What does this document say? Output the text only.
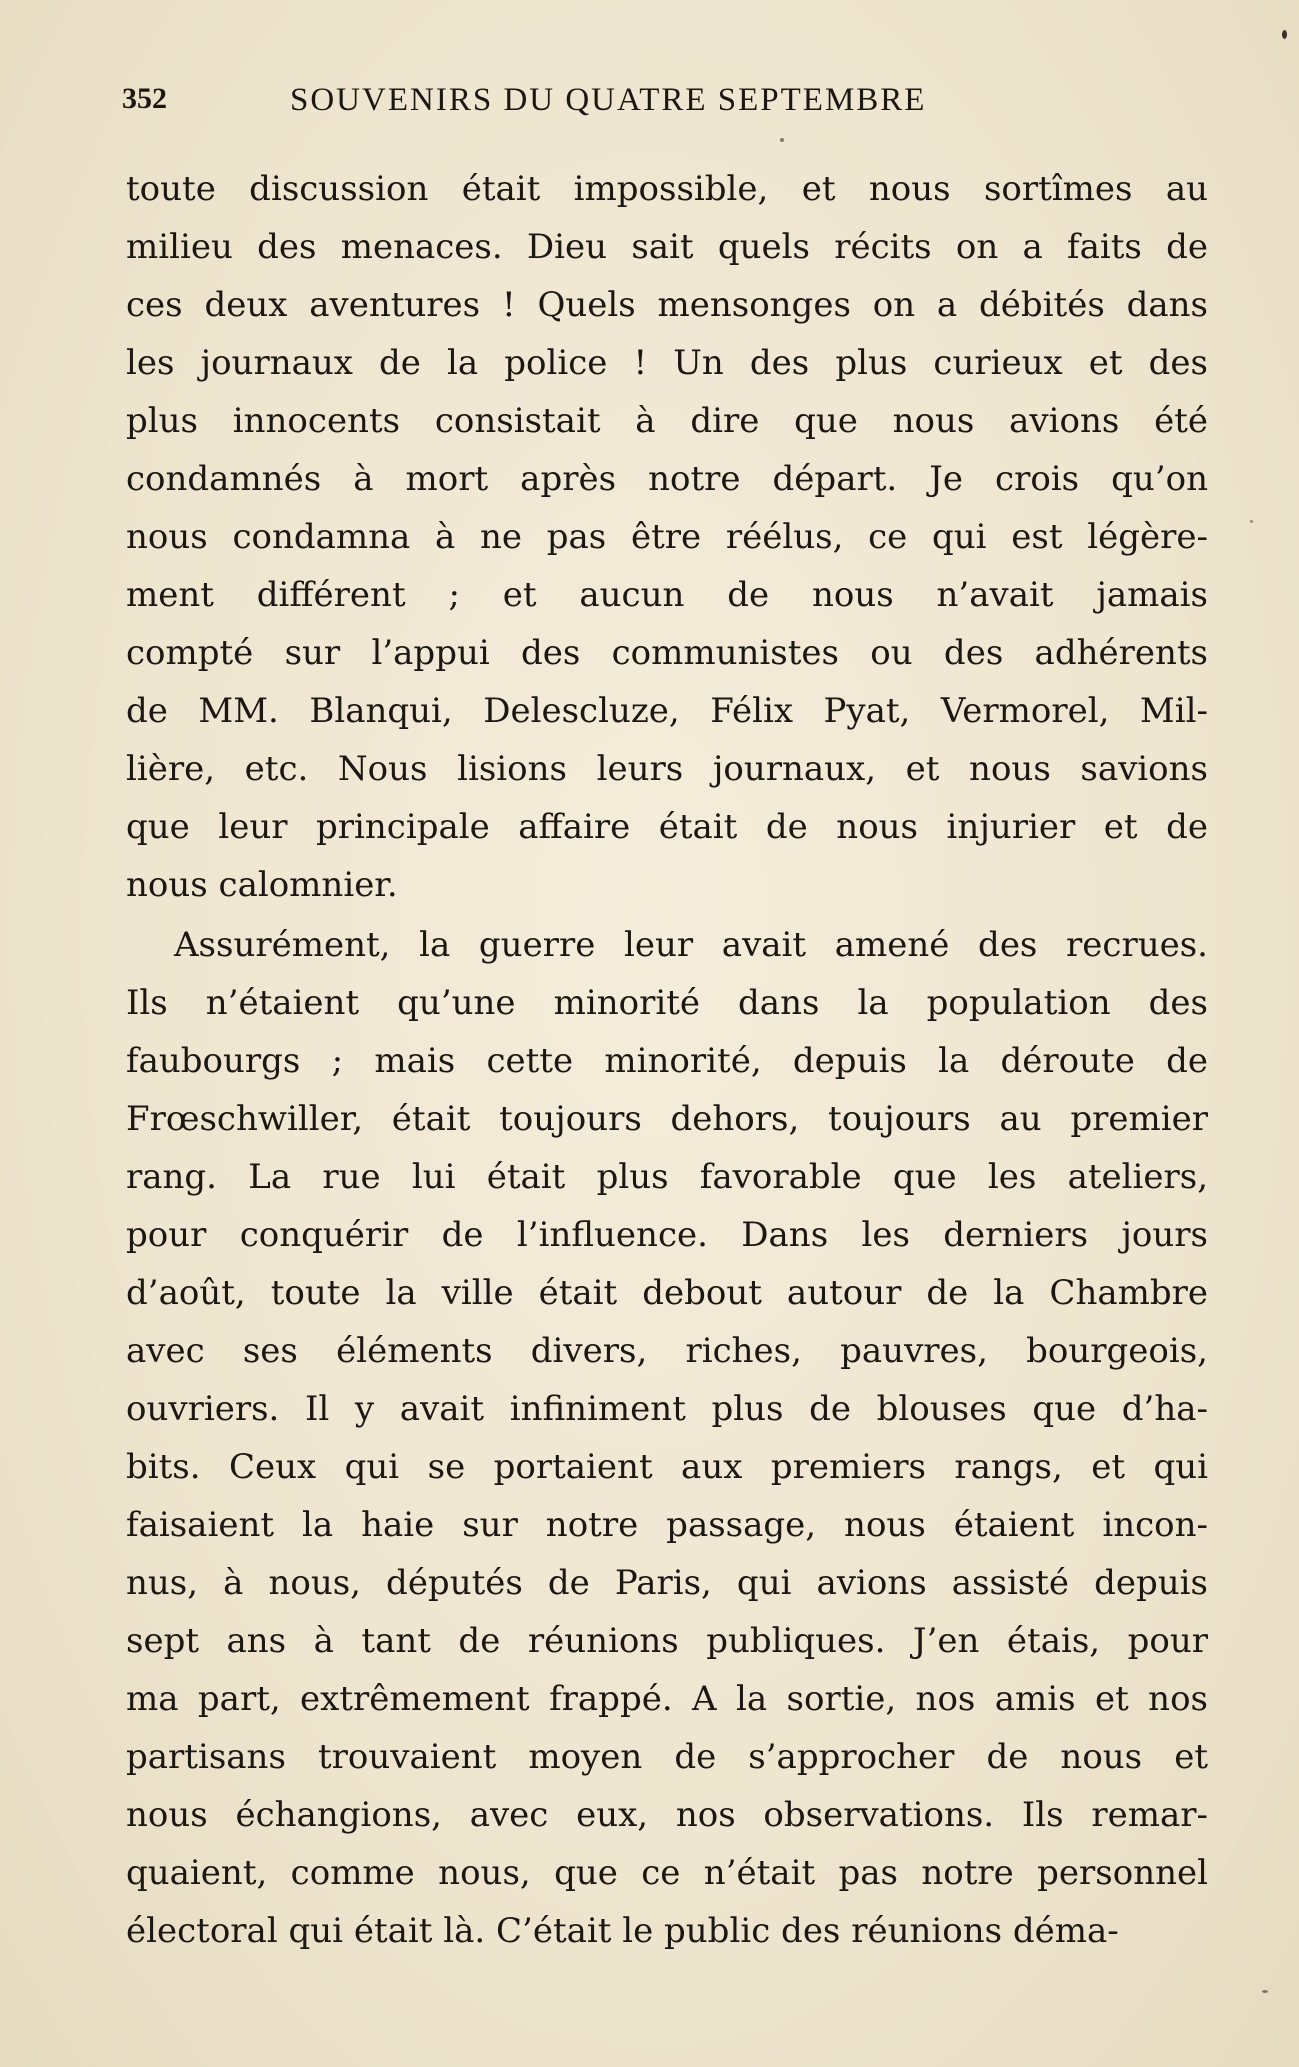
352	SOUVENIRS DU QUATRE SEPTEMBRE
toute discussion était impossible, et nous sortîmes au
milieu des menaces. Dieu sait quels récits on a faits de
ces deux aventures ! Quels mensonges on a débités dans
les journaux de la police ! Un des plus curieux et des
plus innocents consistait à dire que nous avions été
condamnés à mort après notre départ. Je crois qu’on
nous condamna à ne pas être réélus, ce qui est légère-
ment différent ; et aucun de nous n’avait jamais
compté sur l’appui des communistes ou des adhérents
de MM. Blanqui, Delescluze, Félix Pyat, Vermorel, Mil-
lière, etc. Nous lisions leurs journaux, et nous savions
que leur principale affaire était de nous injurier et de
nous calomnier.
Assurément, la guerre leur avait amené des recrues.
Ils n’étaient qu’une minorité dans la population des
faubourgs ; mais cette minorité, depuis la déroute de
Frœschwiller, était toujours dehors, toujours au premier
rang. La rue lui était plus favorable que les ateliers,
pour conquérir de l’influence. Dans les derniers jours
d’août, toute la ville était debout autour de la Chambre
avec ses éléments divers, riches, pauvres, bourgeois,
ouvriers. Il y avait infiniment plus de blouses que d’ha-
bits. Ceux qui se portaient aux premiers rangs, et qui
faisaient la haie sur notre passage, nous étaient incon-
nus, à nous, députés de Paris, qui avions assisté depuis
sept ans à tant de réunions publiques. J’en étais, pour
ma part, extrêmement frappé. A la sortie, nos amis et nos
partisans trouvaient moyen de s’approcher de nous et
nous échangions, avec eux, nos observations. Ils remar-
quaient, comme nous, que ce n’était pas notre personnel
électoral qui était là. C’était le public des réunions déma-
